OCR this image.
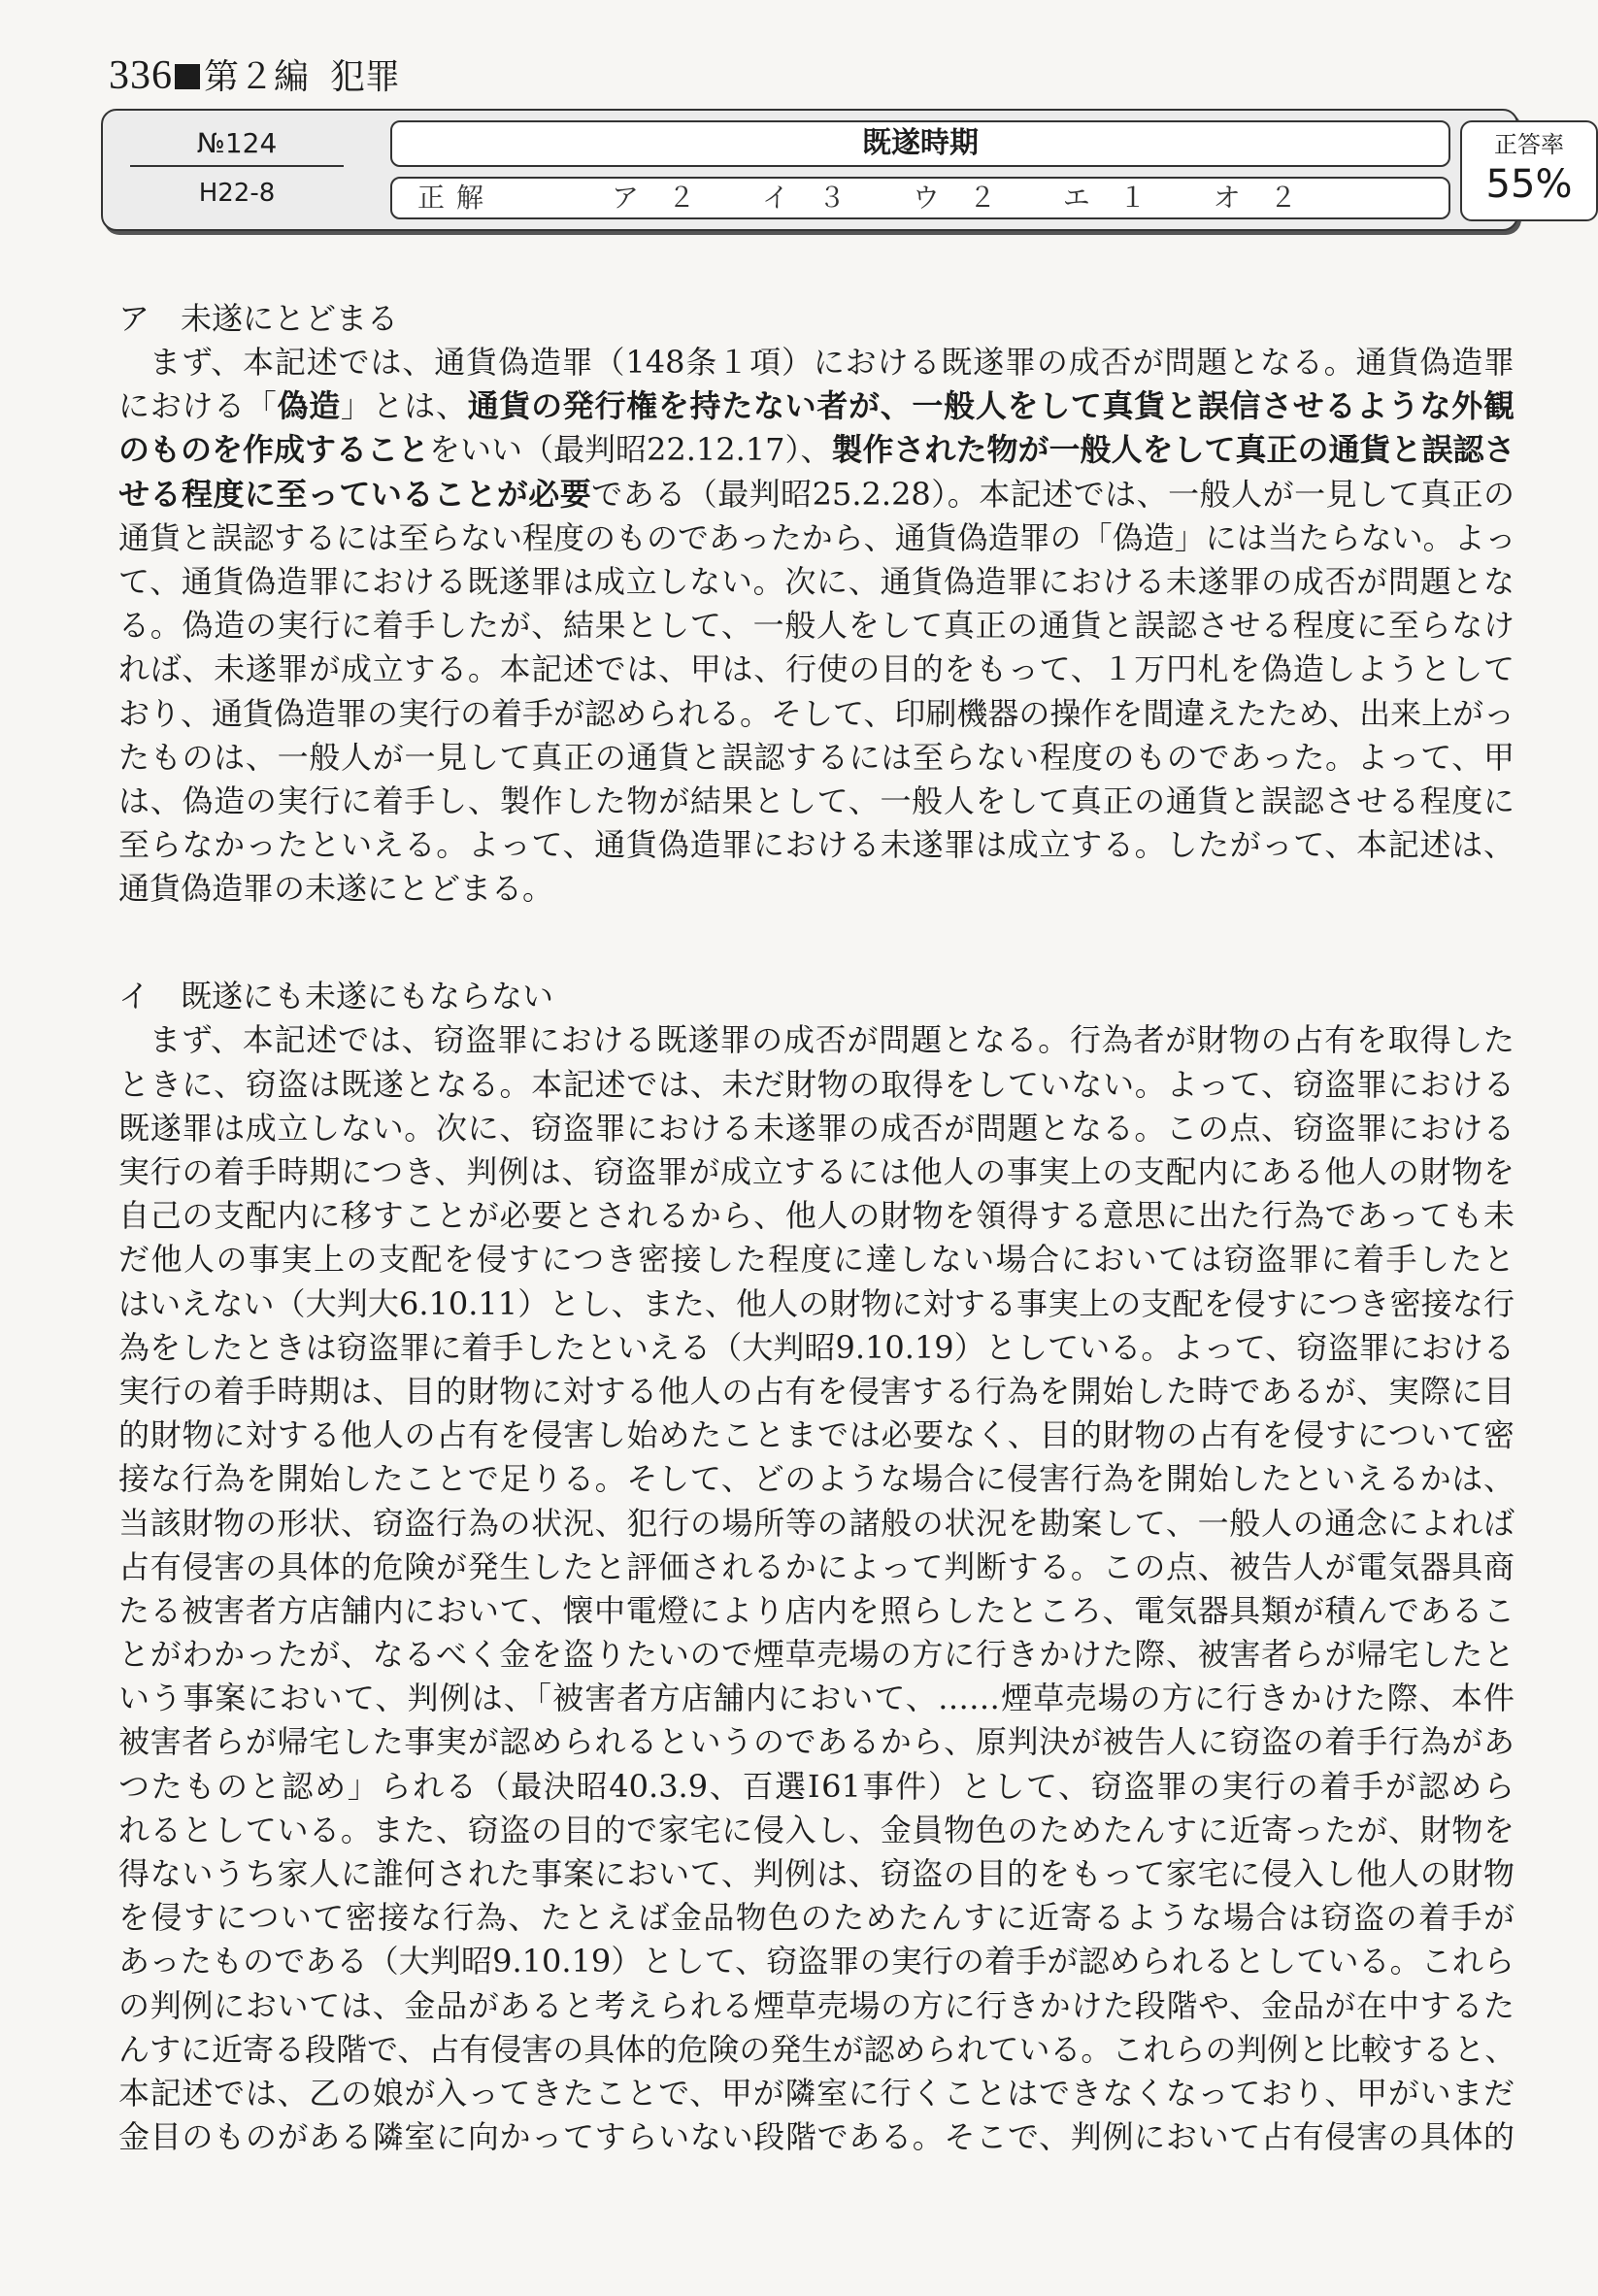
336 第２編 犯罪
№124
H22-8
既遂時期
正解	ア２ イ３ ウ２ エ１ オ２
正答率
55%
ア　未遂にとどまる
まず、本記述では、通貨偽造罪（148条１項）における既遂罪の成否が問題となる。通貨偽造罪
における「偽造」とは、通貨の発行権を持たない者が、一般人をして真貨と誤信させるような外観
のものを作成することをいい（最判昭22.12.17）、製作された物が一般人をして真正の通貨と誤認さ
せる程度に至っていることが必要である（最判昭25.2.28）。本記述では、一般人が一見して真正の
通貨と誤認するには至らない程度のものであったから、通貨偽造罪の「偽造」には当たらない。よっ
て、通貨偽造罪における既遂罪は成立しない。次に、通貨偽造罪における未遂罪の成否が問題とな
る。偽造の実行に着手したが、結果として、一般人をして真正の通貨と誤認させる程度に至らなけ
れば、未遂罪が成立する。本記述では、甲は、行使の目的をもって、１万円札を偽造しようとして
おり、通貨偽造罪の実行の着手が認められる。そして、印刷機器の操作を間違えたため、出来上がっ
たものは、一般人が一見して真正の通貨と誤認するには至らない程度のものであった。よって、甲
は、偽造の実行に着手し、製作した物が結果として、一般人をして真正の通貨と誤認させる程度に
至らなかったといえる。よって、通貨偽造罪における未遂罪は成立する。したがって、本記述は、
通貨偽造罪の未遂にとどまる。
イ　既遂にも未遂にもならない
まず、本記述では、窃盗罪における既遂罪の成否が問題となる。行為者が財物の占有を取得した
ときに、窃盗は既遂となる。本記述では、未だ財物の取得をしていない。よって、窃盗罪における
既遂罪は成立しない。次に、窃盗罪における未遂罪の成否が問題となる。この点、窃盗罪における
実行の着手時期につき、判例は、窃盗罪が成立するには他人の事実上の支配内にある他人の財物を
自己の支配内に移すことが必要とされるから、他人の財物を領得する意思に出た行為であっても未
だ他人の事実上の支配を侵すにつき密接した程度に達しない場合においては窃盗罪に着手したと
はいえない（大判大6.10.11）とし、また、他人の財物に対する事実上の支配を侵すにつき密接な行
為をしたときは窃盗罪に着手したといえる（大判昭9.10.19）としている。よって、窃盗罪における
実行の着手時期は、目的財物に対する他人の占有を侵害する行為を開始した時であるが、実際に目
的財物に対する他人の占有を侵害し始めたことまでは必要なく、目的財物の占有を侵すについて密
接な行為を開始したことで足りる。そして、どのような場合に侵害行為を開始したといえるかは、
当該財物の形状、窃盗行為の状況、犯行の場所等の諸般の状況を勘案して、一般人の通念によれば
占有侵害の具体的危険が発生したと評価されるかによって判断する。この点、被告人が電気器具商
たる被害者方店舗内において、懐中電燈により店内を照らしたところ、電気器具類が積んであるこ
とがわかったが、なるべく金を盗りたいので煙草売場の方に行きかけた際、被害者らが帰宅したと
いう事案において、判例は、「被害者方店舗内において、……煙草売場の方に行きかけた際、本件
被害者らが帰宅した事実が認められるというのであるから、原判決が被告人に窃盗の着手行為があ
つたものと認め」られる（最決昭40.3.9、百選Ⅰ61事件）として、窃盗罪の実行の着手が認めら
れるとしている。また、窃盗の目的で家宅に侵入し、金員物色のためたんすに近寄ったが、財物を
得ないうち家人に誰何された事案において、判例は、窃盗の目的をもって家宅に侵入し他人の財物
を侵すについて密接な行為、たとえば金品物色のためたんすに近寄るような場合は窃盗の着手が
あったものである（大判昭9.10.19）として、窃盗罪の実行の着手が認められるとしている。これら
の判例においては、金品があると考えられる煙草売場の方に行きかけた段階や、金品が在中するた
んすに近寄る段階で、占有侵害の具体的危険の発生が認められている。これらの判例と比較すると、
本記述では、乙の娘が入ってきたことで、甲が隣室に行くことはできなくなっており、甲がいまだ
金目のものがある隣室に向かってすらいない段階である。そこで、判例において占有侵害の具体的
